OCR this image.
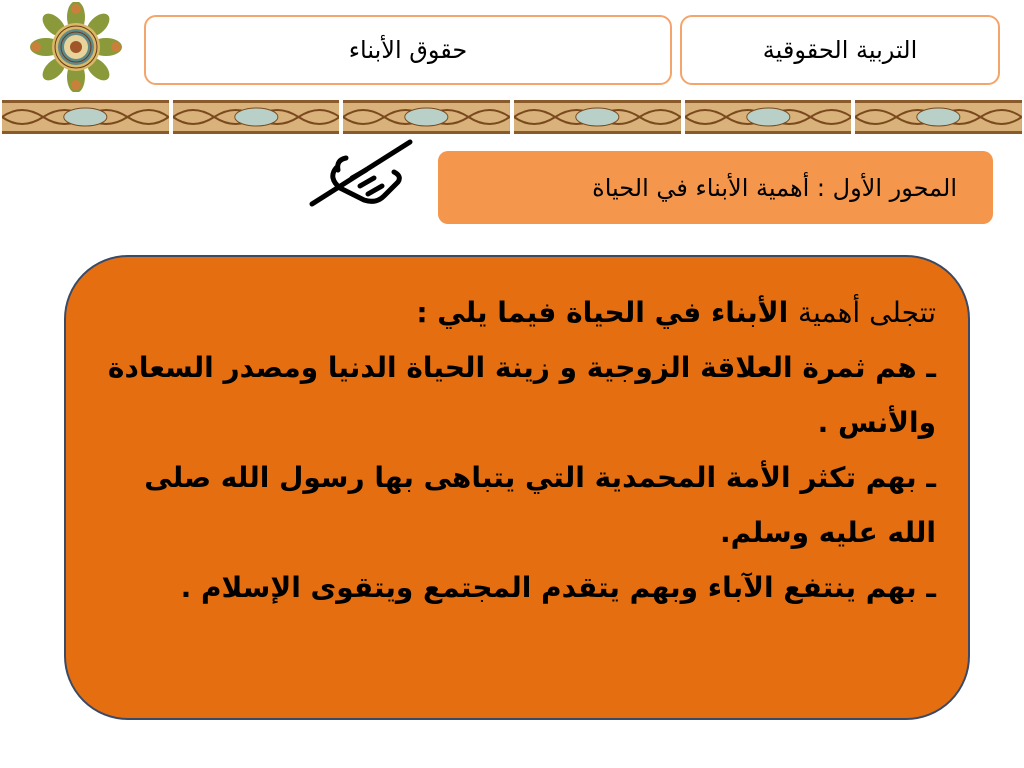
حقوق الأبناء	التربية الحقوقية
المحور الأول : أهمية الأبناء في الحياة

تتجلى أهمية الأبناء في الحياة فيما يلي :

ـ هم ثمرة العلاقة الزوجية و زينة الحياة الدنيا ومصدر السعادة والأنس .

ـ بهم تكثر الأمة المحمدية التي يتباهى بها رسول الله صلى الله عليه وسلم.

ـ بهم ينتفع الآباء وبهم يتقدم المجتمع ويتقوى الإسلام .
